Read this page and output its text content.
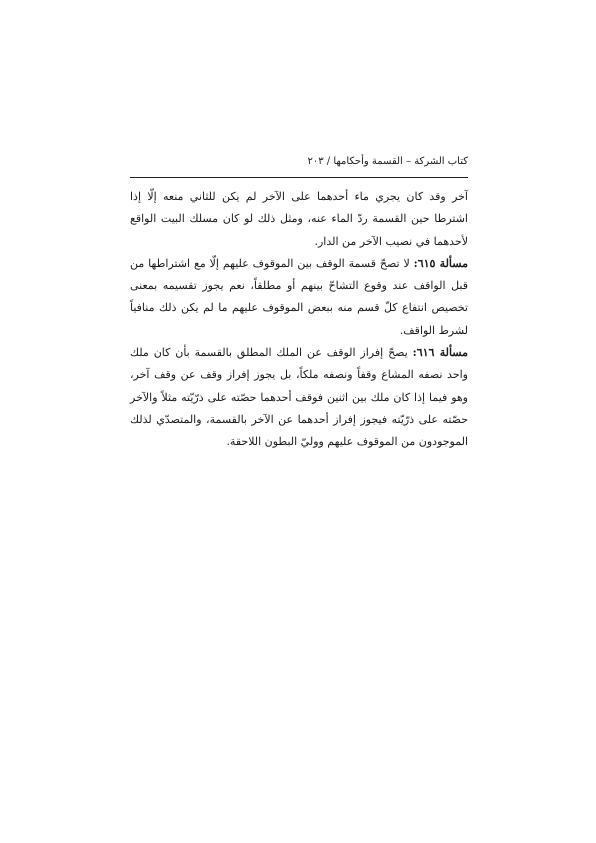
كتاب الشركة – القسمة وأحكامها / ٢٠٣

آخر وقد كان يجري ماء أحدهما على الآخر لم يكن للثاني منعه إلّا إذا اشترطا حين القسمة ردّ الماء عنه، ومثل ذلك لو كان مسلك البيت الواقع لأحدهما في نصيب الآخر من الدار.

مسألة ٦١٥: لا تصحّ قسمة الوقف بين الموقوف عليهم إلّا مع اشتراطها من قبل الواقف عند وقوع التشاحّ بينهم أو مطلقاً، نعم يجوز تقسيمه بمعنى تخصيص انتفاع كلّ قسم منه ببعض الموقوف عليهم ما لم يكن ذلك منافياً لشرط الواقف.

مسألة ٦١٦: يصحّ إفراز الوقف عن الملك المطلق بالقسمة بأن كان ملك واحد نصفه المشاع وقفاً ونصفه ملكاً، بل يجوز إفراز وقف عن وقف آخر، وهو فيما إذا كان ملك بين اثنين فوقف أحدهما حصّته على ذرّيّته مثلاً والآخر حصّته على ذرّيّته فيجوز إفراز أحدهما عن الآخر بالقسمة، والمتصدّي لذلك الموجودون من الموقوف عليهم ووليّ البطون اللاحقة.
